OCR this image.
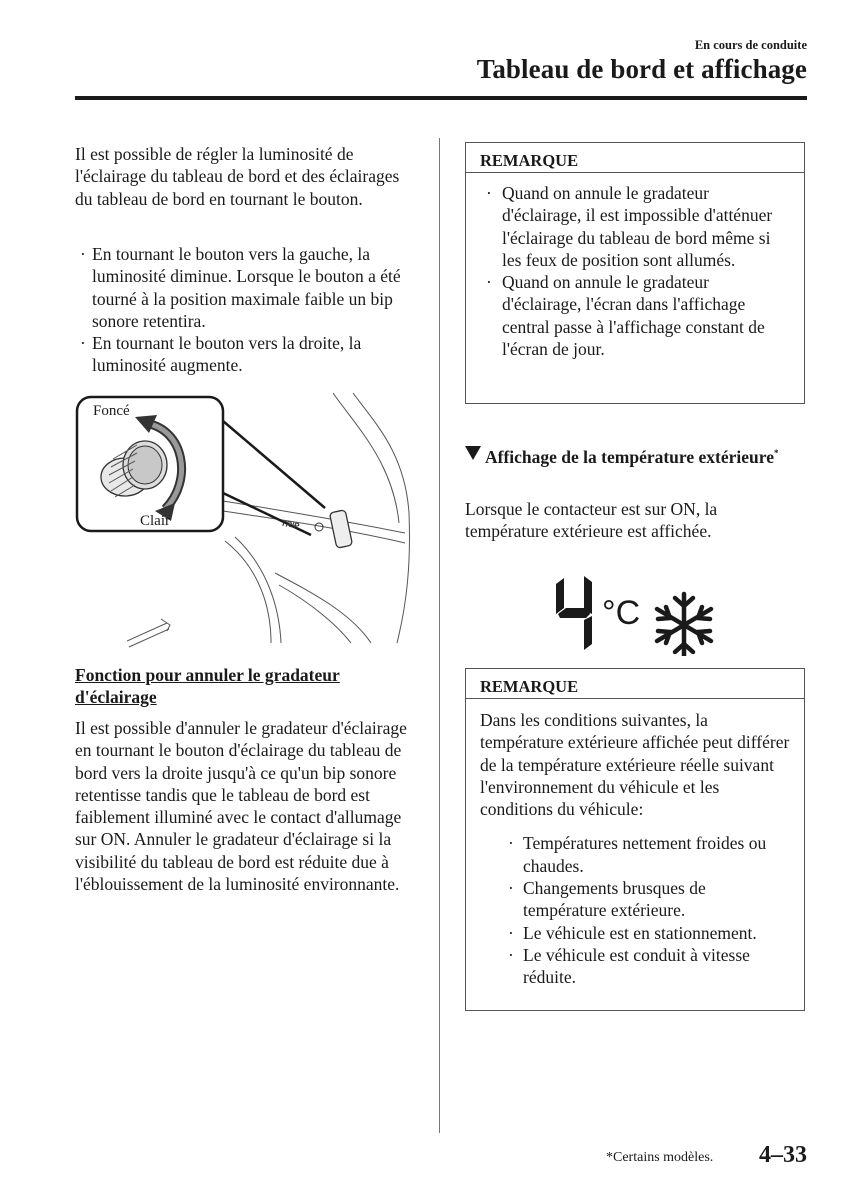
En cours de conduite
Tableau de bord et affichage
Il est possible de régler la luminosité de l'éclairage du tableau de bord et des éclairages du tableau de bord en tournant le bouton.
· En tournant le bouton vers la gauche, la luminosité diminue. Lorsque le bouton a été tourné à la position maximale faible un bip sonore retentira.
· En tournant le bouton vers la droite, la luminosité augmente.
TRIP
Foncé
Clair
Fonction pour annuler le gradateur d'éclairage
Il est possible d'annuler le gradateur d'éclairage en tournant le bouton d'éclairage du tableau de bord vers la droite jusqu'à ce qu'un bip sonore retentisse tandis que le tableau de bord est faiblement illuminé avec le contact d'allumage sur ON. Annuler le gradateur d'éclairage si la visibilité du tableau de bord est réduite due à l'éblouissement de la luminosité environnante.
REMARQUE
· Quand on annule le gradateur d'éclairage, il est impossible d'atténuer l'éclairage du tableau de bord même si les feux de position sont allumés.
· Quand on annule le gradateur d'éclairage, l'écran dans l'affichage central passe à l'affichage constant de l'écran de jour.
Affichage de la température extérieure*
Lorsque le contacteur est sur ON, la température extérieure est affichée.
°C
REMARQUE
Dans les conditions suivantes, la température extérieure affichée peut différer de la température extérieure réelle suivant l'environnement du véhicule et les conditions du véhicule:
· Températures nettement froides ou chaudes.
· Changements brusques de température extérieure.
· Le véhicule est en stationnement.
· Le véhicule est conduit à vitesse réduite.
*Certains modèles. 4–33
